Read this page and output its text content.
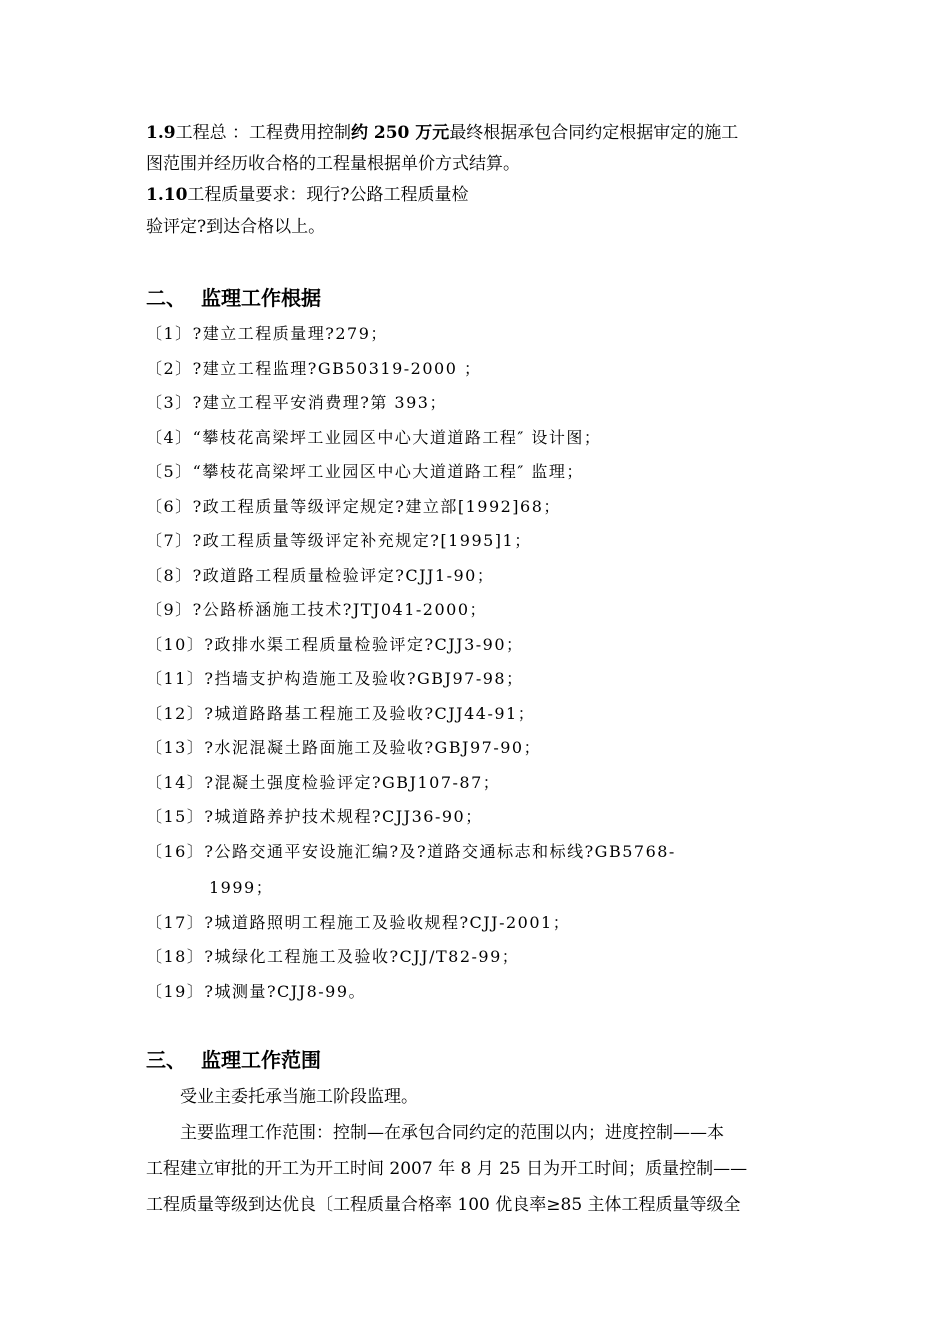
1.9工程总 ：工程费用控制约 250 万元最终根据承包合同约定根据审定的施工
图范围并经历收合格的工程量根据单价方式结算。
1.10工程质量要求：现行?公路工程质量检
验评定?到达合格以上。
二、 监理工作根据
〔1〕?建立工程质量理?279；
〔2〕?建立工程监理?GB50319-2000 ；
〔3〕?建立工程平安消费理?第 393；
〔4〕“攀枝花高梁坪工业园区中心大道道路工程″ 设计图；
〔5〕“攀枝花高梁坪工业园区中心大道道路工程″ 监理；
〔6〕?政工程质量等级评定规定?建立部[1992]68；
〔7〕?政工程质量等级评定补充规定?[1995]1；
〔8〕?政道路工程质量检验评定?CJJ1-90；
〔9〕?公路桥涵施工技术?JTJ041-2000；
〔10〕?政排水渠工程质量检验评定?CJJ3-90；
〔11〕?挡墙支护构造施工及验收?GBJ97-98；
〔12〕?城道路路基工程施工及验收?CJJ44-91；
〔13〕?水泥混凝土路面施工及验收?GBJ97-90；
〔14〕?混凝土强度检验评定?GBJ107-87；
〔15〕?城道路养护技术规程?CJJ36-90；
〔16〕?公路交通平安设施汇编?及?道路交通标志和标线?GB5768-
1999；
〔17〕?城道路照明工程施工及验收规程?CJJ-2001；
〔18〕?城绿化工程施工及验收?CJJ/T82-99；
〔19〕?城测量?CJJ8-99。
三、 监理工作范围
受业主委托承当施工阶段监理。
主要监理工作范围：控制—在承包合同约定的范围以内；进度控制——本
工程建立审批的开工为开工时间 2007 年 8 月 25 日为开工时间；质量控制——
工程质量等级到达优良〔工程质量合格率 100 优良率≥85 主体工程质量等级全
